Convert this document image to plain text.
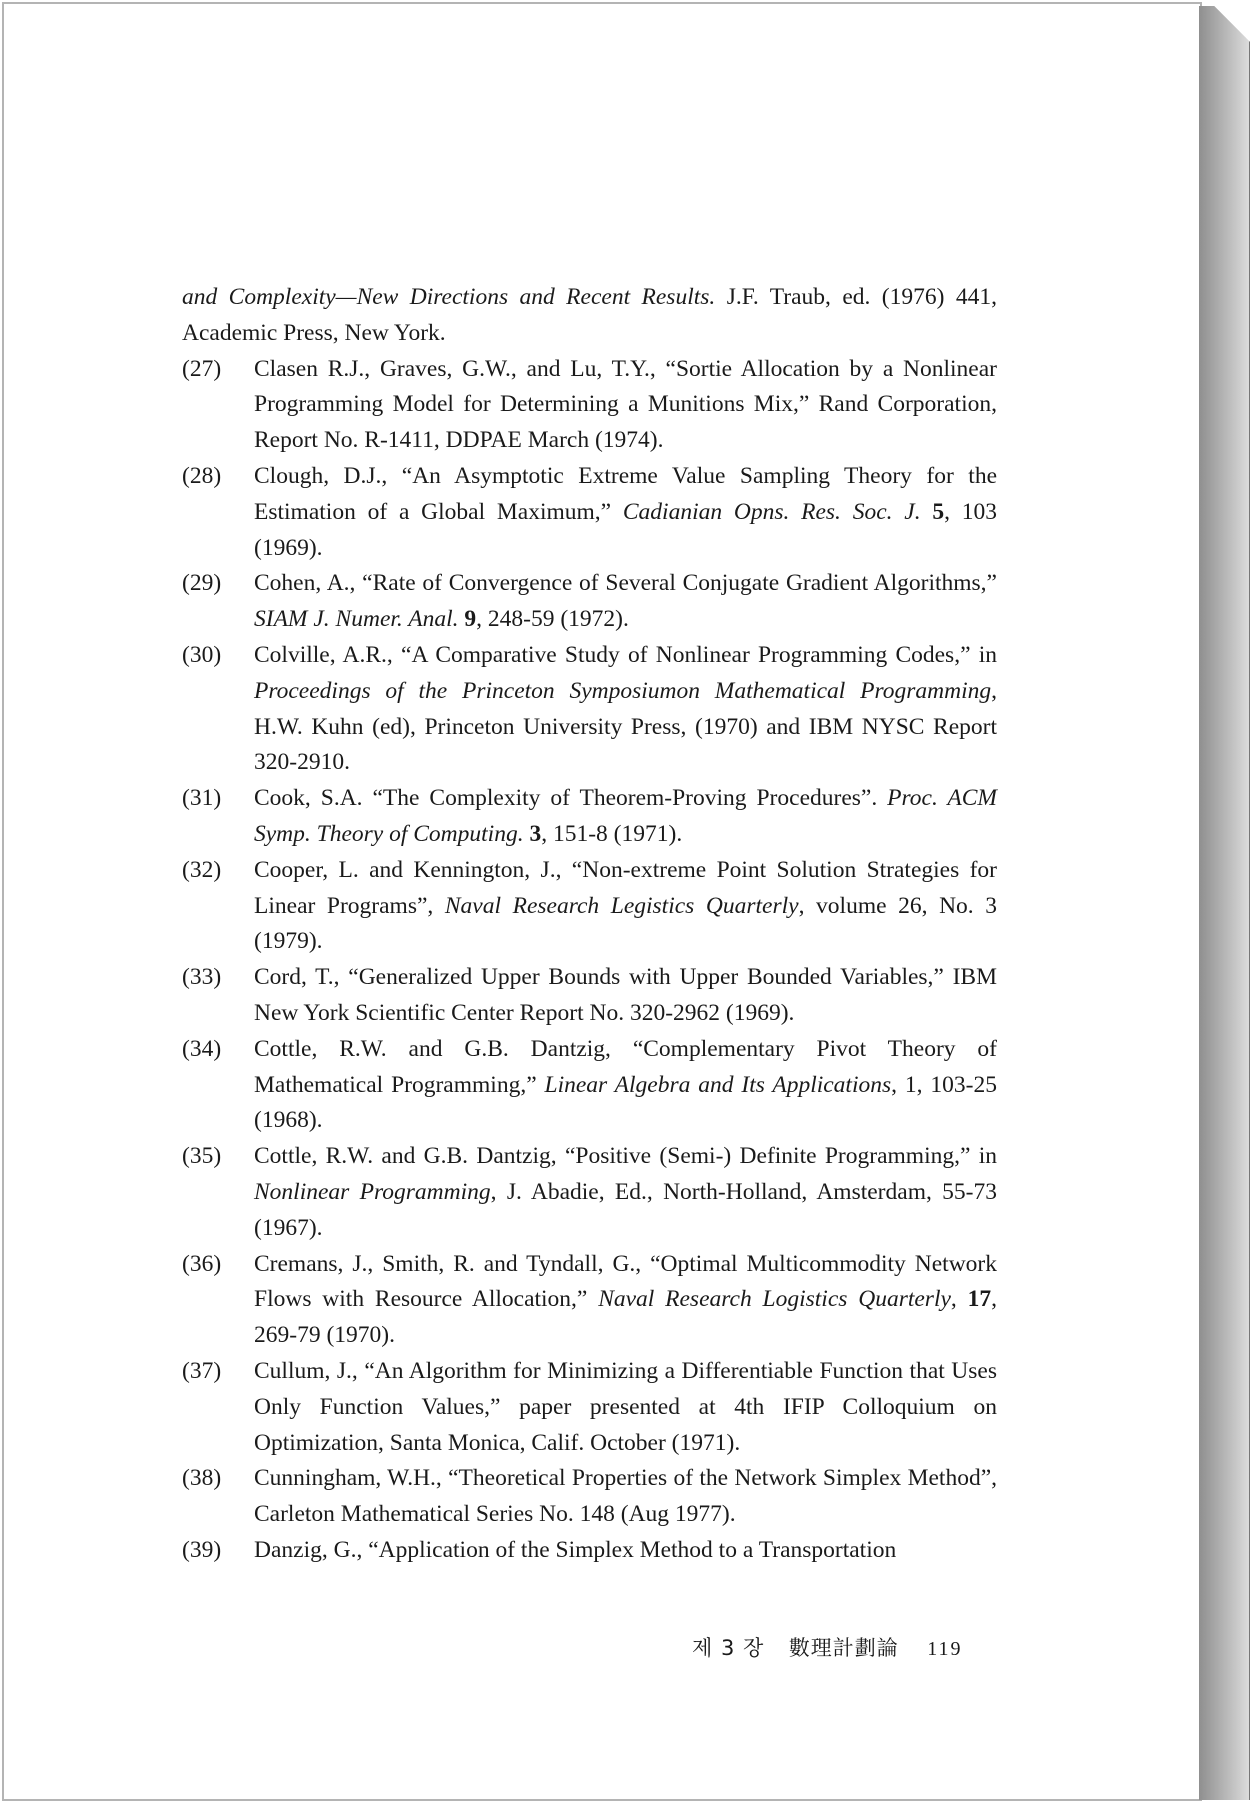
and Complexity—New Directions and Recent Results. J.F. Traub, ed. (1976) 441, Academic Press, New York.
(27)	Clasen R.J., Graves, G.W., and Lu, T.Y., “Sortie Allocation by a Nonlinear Programming Model for Determining a Munitions Mix,” Rand Corporation, Report No. R-1411, DDPAE March (1974).
(28)	Clough, D.J., “An Asymptotic Extreme Value Sampling Theory for the Estimation of a Global Maximum,” Cadianian Opns. Res. Soc. J. 5, 103 (1969).
(29)	Cohen, A., “Rate of Convergence of Several Conjugate Gradient Algorithms,” SIAM J. Numer. Anal. 9, 248-59 (1972).
(30)	Colville, A.R., “A Comparative Study of Nonlinear Programming Codes,” in Proceedings of the Princeton Symposiumon Mathematical Programming, H.W. Kuhn (ed), Princeton University Press, (1970) and IBM NYSC Report 320-2910.
(31)	Cook, S.A. “The Complexity of Theorem-Proving Procedures”. Proc. ACM Symp. Theory of Computing. 3, 151-8 (1971).
(32)	Cooper, L. and Kennington, J., “Non-extreme Point Solution Strategies for Linear Programs”, Naval Research Legistics Quarterly, volume 26, No. 3 (1979).
(33)	Cord, T., “Generalized Upper Bounds with Upper Bounded Variables,” IBM New York Scientific Center Report No. 320-2962 (1969).
(34)	Cottle, R.W. and G.B. Dantzig, “Complementary Pivot Theory of Mathematical Programming,” Linear Algebra and Its Applications, 1, 103-25 (1968).
(35)	Cottle, R.W. and G.B. Dantzig, “Positive (Semi-) Definite Programming,” in Nonlinear Programming, J. Abadie, Ed., North-Holland, Amsterdam, 55-73 (1967).
(36)	Cremans, J., Smith, R. and Tyndall, G., “Optimal Multicommodity Network Flows with Resource Allocation,” Naval Research Logistics Quarterly, 17, 269-79 (1970).
(37)	Cullum, J., “An Algorithm for Minimizing a Differentiable Function that Uses Only Function Values,” paper presented at 4th IFIP Colloquium on Optimization, Santa Monica, Calif. October (1971).
(38)	Cunningham, W.H., “Theoretical Properties of the Network Simplex Method”, Carleton Mathematical Series No. 148 (Aug 1977).
(39)	Danzig, G., “Application of the Simplex Method to a Transportation
제 3 장 數理計劃論 119
